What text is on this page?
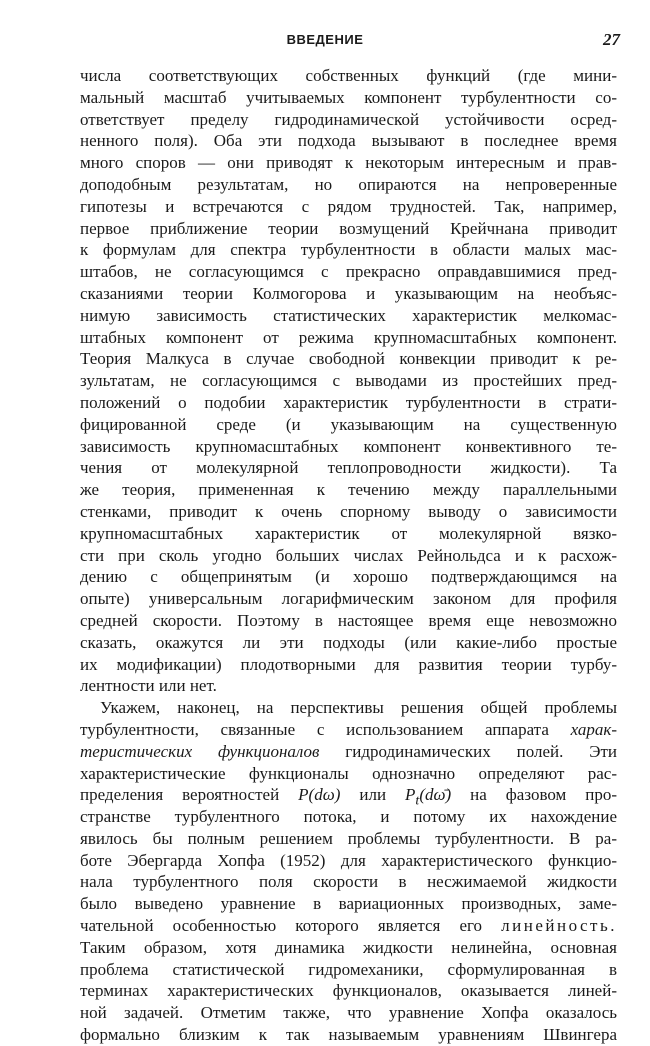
ВВЕДЕНИЕ	27
числа соответствующих собственных функций (где мини-
мальный масштаб учитываемых компонент турбулентности со-
ответствует пределу гидродинамической устойчивости осред-
ненного поля). Оба эти подхода вызывают в последнее время
много споров — они приводят к некоторым интересным и прав-
доподобным результатам, но опираются на непроверенные
гипотезы и встречаются с рядом трудностей. Так, например,
первое приближение теории возмущений Крейчнана приводит
к формулам для спектра турбулентности в области малых мас-
штабов, не согласующимся с прекрасно оправдавшимися пред-
сказаниями теории Колмогорова и указывающим на необъяс-
нимую зависимость статистических характеристик мелкомас-
штабных компонент от режима крупномасштабных компонент.
Теория Малкуса в случае свободной конвекции приводит к ре-
зультатам, не согласующимся с выводами из простейших пред-
положений о подобии характеристик турбулентности в страти-
фицированной среде (и указывающим на существенную
зависимость крупномасштабных компонент конвективного те-
чения от молекулярной теплопроводности жидкости). Та
же теория, примененная к течению между параллельными
стенками, приводит к очень спорному выводу о зависимости
крупномасштабных характеристик от молекулярной вязко-
сти при сколь угодно больших числах Рейнольдса и к расхож-
дению с общепринятым (и хорошо подтверждающимся на
опыте) универсальным логарифмическим законом для профиля
средней скорости. Поэтому в настоящее время еще невозможно
сказать, окажутся ли эти подходы (или какие-либо простые
их модификации) плодотворными для развития теории турбу-
лентности или нет.
Укажем, наконец, на перспективы решения общей проблемы
турбулентности, связанные с использованием аппарата харак-
теристических функционалов гидродинамических полей. Эти
характеристические функционалы однозначно определяют рас-
пределения вероятностей P(dω) или $P_t(d\omegā)$ на фазовом про-
странстве турбулентного потока, и потому их нахождение
явилось бы полным решением проблемы турбулентности. В ра-
боте Эбергарда Хопфа (1952) для характеристического функцио-
нала турбулентного поля скорости в несжимаемой жидкости
было выведено уравнение в вариационных производных, заме-
чательной особенностью которого является его линейность.
Таким образом, хотя динамика жидкости нелинейна, основная
проблема статистической гидромеханики, сформулированная в
терминах характеристических функционалов, оказывается линей-
ной задачей. Отметим также, что уравнение Хопфа оказалось
формально близким к так называемым уравнениям Швингера
